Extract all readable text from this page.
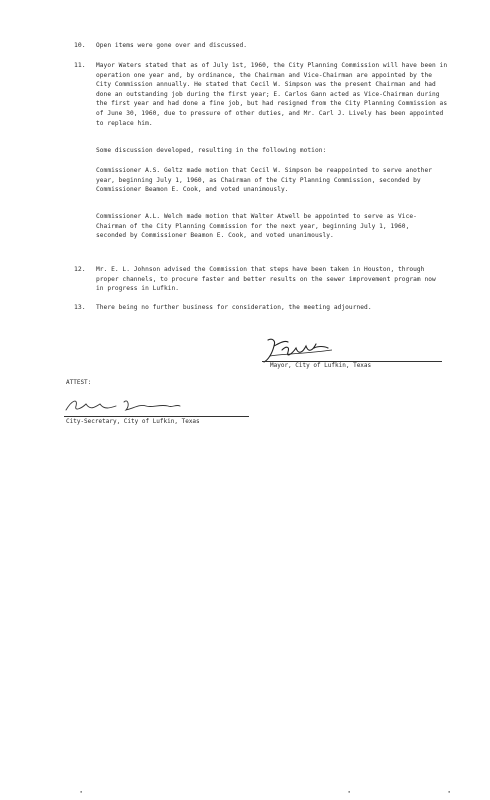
10. Open items were gone over and discussed.
11. Mayor Waters stated that as of July 1st, 1960, the City Planning Commission will have been in operation one year and, by ordinance, the Chairman and Vice-Chairman are appointed by the City Commission annually. He stated that Cecil W. Simpson was the present Chairman and had done an outstanding job during the first year; E. Carlos Gann acted as Vice-Chairman during the first year and had done a fine job, but had resigned from the City Planning Commission as of June 30, 1960, due to pressure of other duties, and Mr. Carl J. Lively has been appointed to replace him.
Some discussion developed, resulting in the following motion:
Commissioner A.S. Geltz made motion that Cecil W. Simpson be reappointed to serve another year, beginning July 1, 1960, as Chairman of the City Planning Commission, seconded by Commissioner Beamon E. Cook, and voted unanimously.
Commissioner A.L. Welch made motion that Walter Atwell be appointed to serve as Vice-Chairman of the City Planning Commission for the next year, beginning July 1, 1960, seconded by Commissioner Beamon E. Cook, and voted unanimously.
12. Mr. E. L. Johnson advised the Commission that steps have been taken in Houston, through proper channels, to procure faster and better results on the sewer improvement program now in progress in Lufkin.
13. There being no further business for consideration, the meeting adjourned.
Mayor, City of Lufkin, Texas
ATTEST:
City-Secretary, City of Lufkin, Texas
▪	▪	▪
